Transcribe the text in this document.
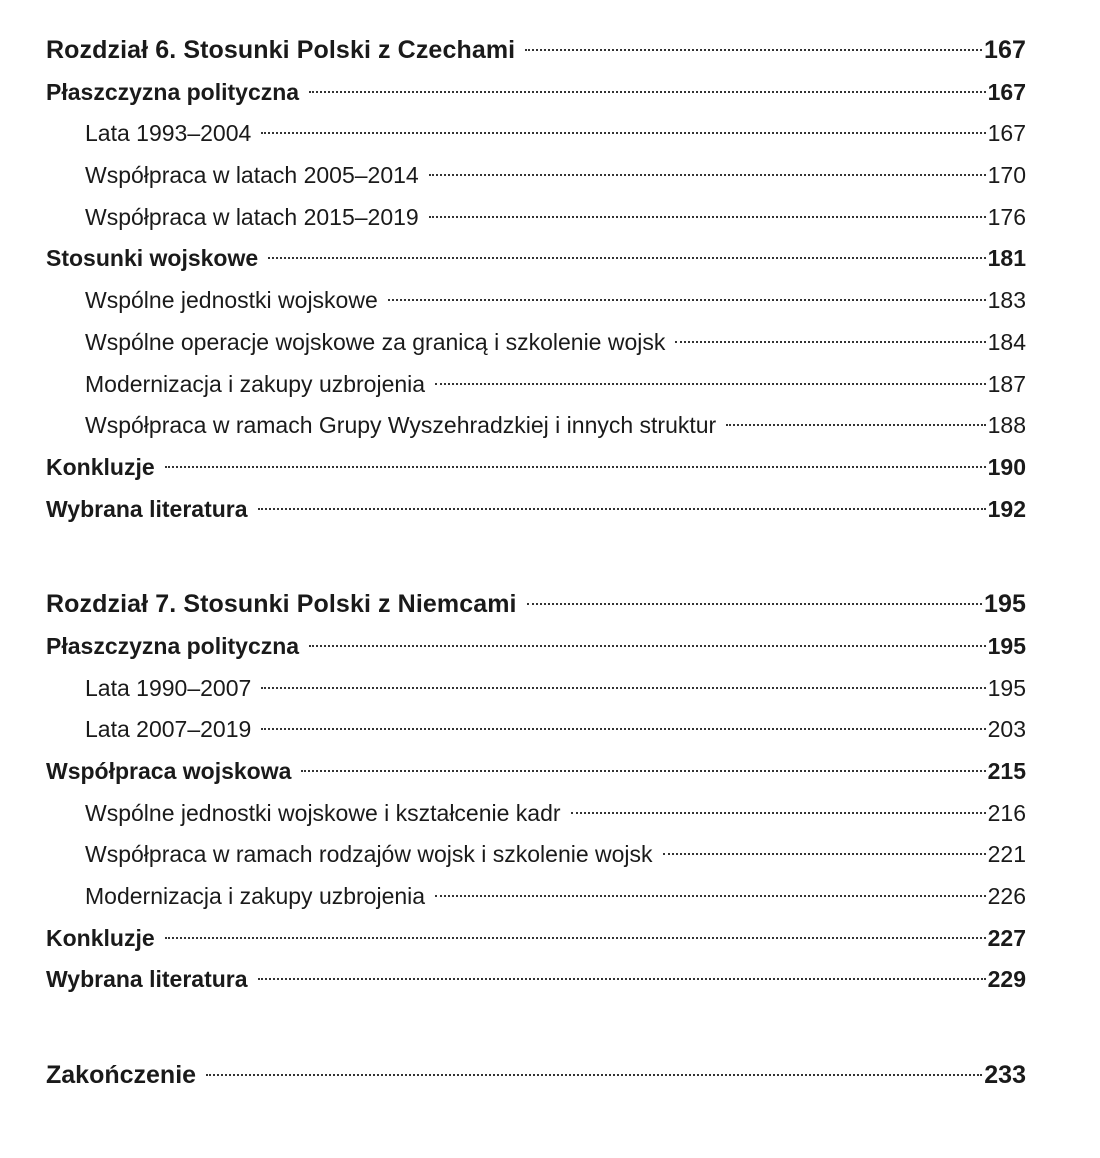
Rozdział 6. Stosunki Polski z Czechami	167
Płaszczyzna polityczna	167
Lata 1993–2004	167
Współpraca w latach 2005–2014	170
Współpraca w latach 2015–2019	176
Stosunki wojskowe	181
Wspólne jednostki wojskowe	183
Wspólne operacje wojskowe za granicą i szkolenie wojsk	184
Modernizacja i zakupy uzbrojenia	187
Współpraca w ramach Grupy Wyszehradzkiej i innych struktur	188
Konkluzje	190
Wybrana literatura	192
Rozdział 7. Stosunki Polski z Niemcami	195
Płaszczyzna polityczna	195
Lata 1990–2007	195
Lata 2007–2019	203
Współpraca wojskowa	215
Wspólne jednostki wojskowe i kształcenie kadr	216
Współpraca w ramach rodzajów wojsk i szkolenie wojsk	221
Modernizacja i zakupy uzbrojenia	226
Konkluzje	227
Wybrana literatura	229
Zakończenie	233
